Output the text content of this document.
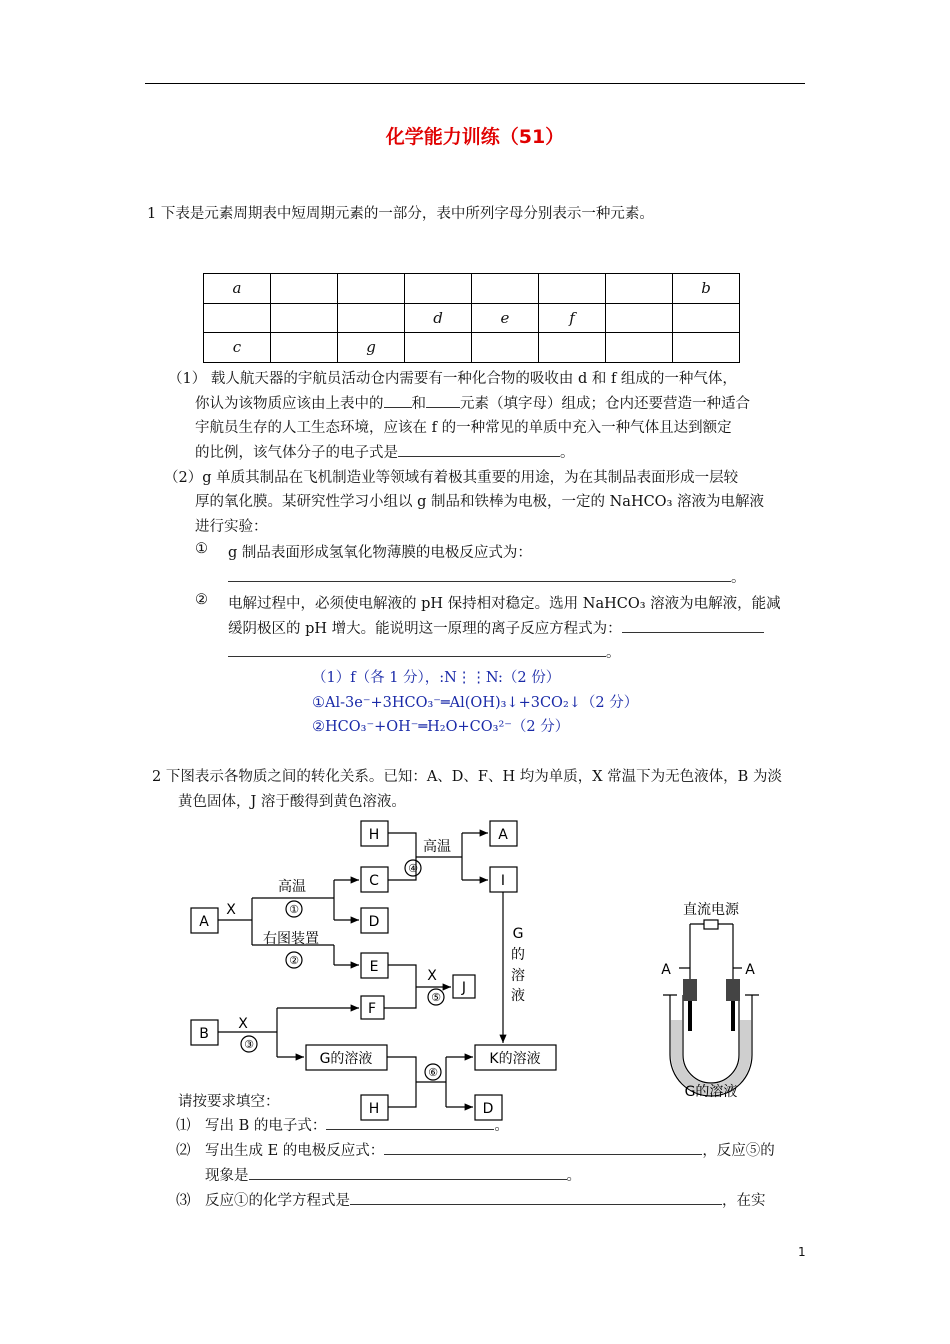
化学能力训练（51）
1 下表是元素周期表中短周期元素的一部分，表中所列字母分别表示一种元素。
a							b
			d	e	f		
c		g					
（1） 载人航天器的宇航员活动仓内需要有一种化合物的吸收由 d 和 f 组成的一种气体，
你认为该物质应该由上表中的 和 元素（填字母）组成；仓内还要营造一种适合
宇航员生存的人工生态环境，应该在 f 的一种常见的单质中充入一种气体且达到额定
的比例，该气体分子的电子式是	。
（2）g 单质其制品在飞机制造业等领域有着极其重要的用途，为在其制品表面形成一层较
厚的氧化膜。某研究性学习小组以 g 制品和铁棒为电极，一定的 NaHCO₃ 溶液为电解液
进行实验：
① g 制品表面形成氢氧化物薄膜的电极反应式为：
。
② 电解过程中，必须使电解液的 pH 保持相对稳定。选用 NaHCO₃ 溶液为电解液，能减
缓阴极区的 pH 增大。能说明这一原理的离子反应方程式为：
。
（1）f（各 1 分），:N⋮⋮N:（2 份）
①Al-3e⁻+3HCO₃⁻═Al(OH)₃↓+3CO₂↓（2 分）
②HCO₃⁻+OH⁻═H₂O+CO₃²⁻（2 分）
2 下图表示各物质之间的转化关系。已知：A、D、F、H 均为单质，X 常温下为无色液体，B 为淡
黄色固体，J 溶于酸得到黄色溶液。
H	A
C	I
A	D
E
J
F
B
G的溶液	K的溶液
H	D
高温
④
X
高温
①
右图装置
②
X
⑤
X
③
⑥
G
的
溶
液
直流电源
A	A
G的溶液
请按要求填空：
⑴ 写出 B 的电子式：	。
⑵ 写出生成 E 的电极反应式：	，反应⑤的
现象是	。
⑶ 反应①的化学方程式是	，在实
1
